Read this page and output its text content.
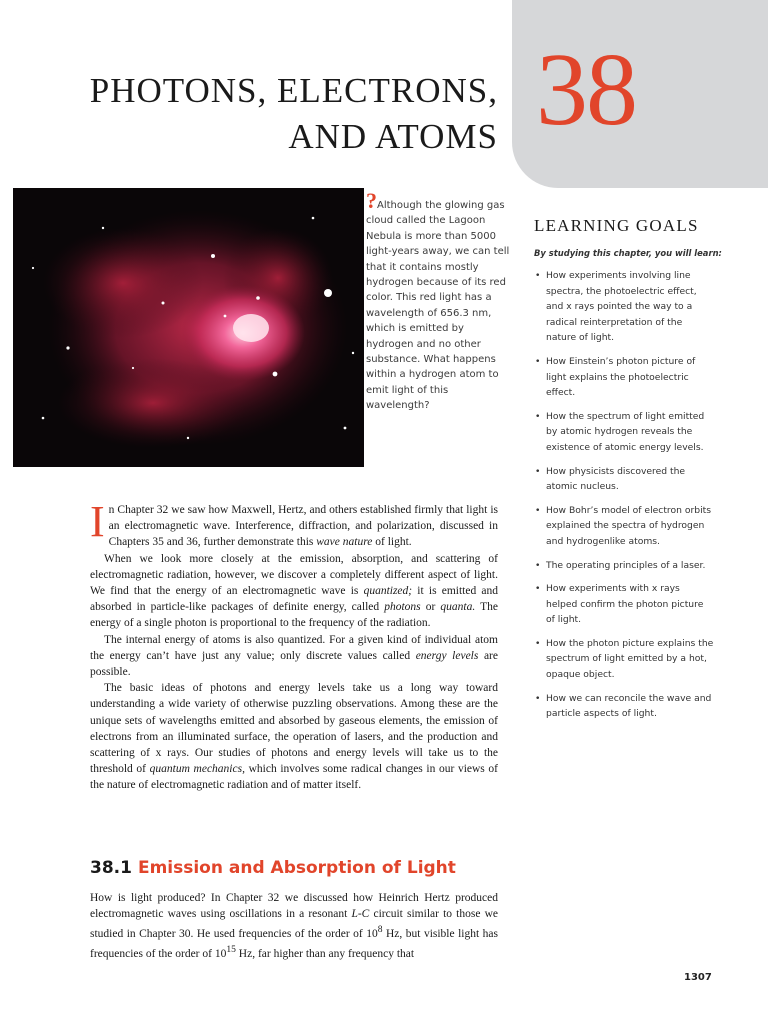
38
PHOTONS, ELECTRONS,
AND ATOMS
?Although the glowing gas cloud called the Lagoon Nebula is more than 5000 light-years away, we can tell that it contains mostly hydrogen because of its red color. This red light has a wavelength of 656.3 nm, which is emitted by hydrogen and no other substance. What happens within a hydrogen atom to emit light of this wavelength?
LEARNING GOALS
By studying this chapter, you will learn:
• How experiments involving line spectra, the photoelectric effect, and x rays pointed the way to a radical reinterpretation of the nature of light.
• How Einstein’s photon picture of light explains the photoelectric effect.
• How the spectrum of light emitted by atomic hydrogen reveals the existence of atomic energy levels.
• How physicists discovered the atomic nucleus.
• How Bohr’s model of electron orbits explained the spectra of hydrogen and hydrogenlike atoms.
• The operating principles of a laser.
• How experiments with x rays helped confirm the photon picture of light.
• How the photon picture explains the spectrum of light emitted by a hot, opaque object.
• How we can reconcile the wave and particle aspects of light.

In Chapter 32 we saw how Maxwell, Hertz, and others established firmly that light is an electromagnetic wave. Interference, diffraction, and polarization, discussed in Chapters 35 and 36, further demonstrate this wave nature of light.

When we look more closely at the emission, absorption, and scattering of electromagnetic radiation, however, we discover a completely different aspect of light. We find that the energy of an electromagnetic wave is quantized; it is emitted and absorbed in particle-like packages of definite energy, called photons or quanta. The energy of a single photon is proportional to the frequency of the radiation.

The internal energy of atoms is also quantized. For a given kind of individual atom the energy can’t have just any value; only discrete values called energy levels are possible.

The basic ideas of photons and energy levels take us a long way toward understanding a wide variety of otherwise puzzling observations. Among these are the unique sets of wavelengths emitted and absorbed by gaseous elements, the emission of electrons from an illuminated surface, the operation of lasers, and the production and scattering of x rays. Our studies of photons and energy levels will take us to the threshold of quantum mechanics, which involves some radical changes in our views of the nature of electromagnetic radiation and of matter itself.

38.1 Emission and Absorption of Light

How is light produced? In Chapter 32 we discussed how Heinrich Hertz produced electromagnetic waves using oscillations in a resonant L-C circuit similar to those we studied in Chapter 30. He used frequencies of the order of $10^8$ Hz, but visible light has frequencies of the order of $10^{15}$ Hz, far higher than any frequency that

1307
